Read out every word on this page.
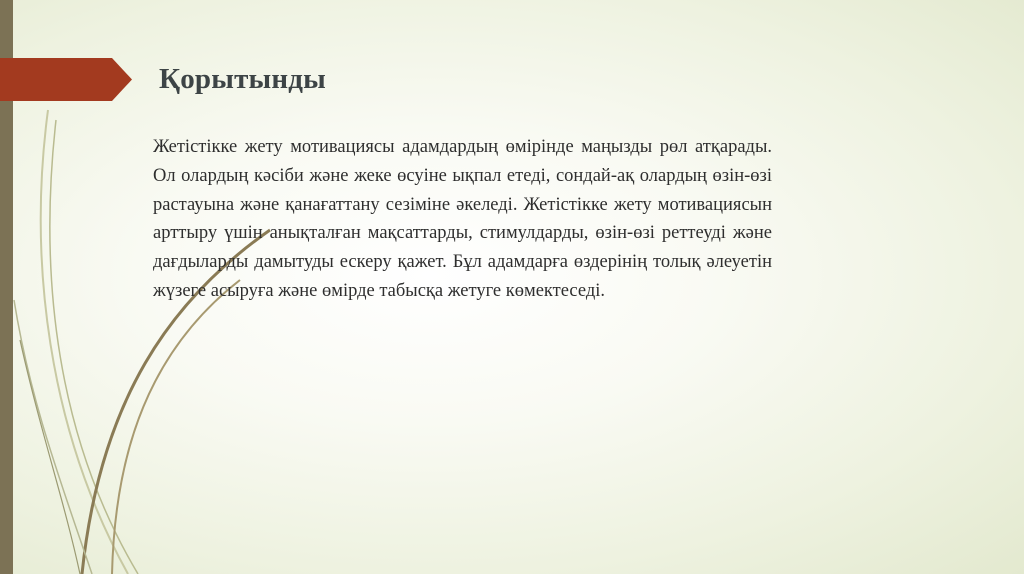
Қорытынды

Жетістікке жету мотивациясы адамдардың өмірінде маңызды рөл атқарады. Ол олардың кәсіби және жеке өсуіне ықпал етеді, сондай-ақ олардың өзін-өзі растауына және қанағаттану сезіміне әкеледі. Жетістікке жету мотивациясын арттыру үшін анықталған мақсаттарды, стимулдарды, өзін-өзі реттеуді және дағдыларды дамытуды ескеру қажет. Бұл адамдарға өздерінің толық әлеуетін жүзеге асыруға және өмірде табысқа жетуге көмектеседі.
